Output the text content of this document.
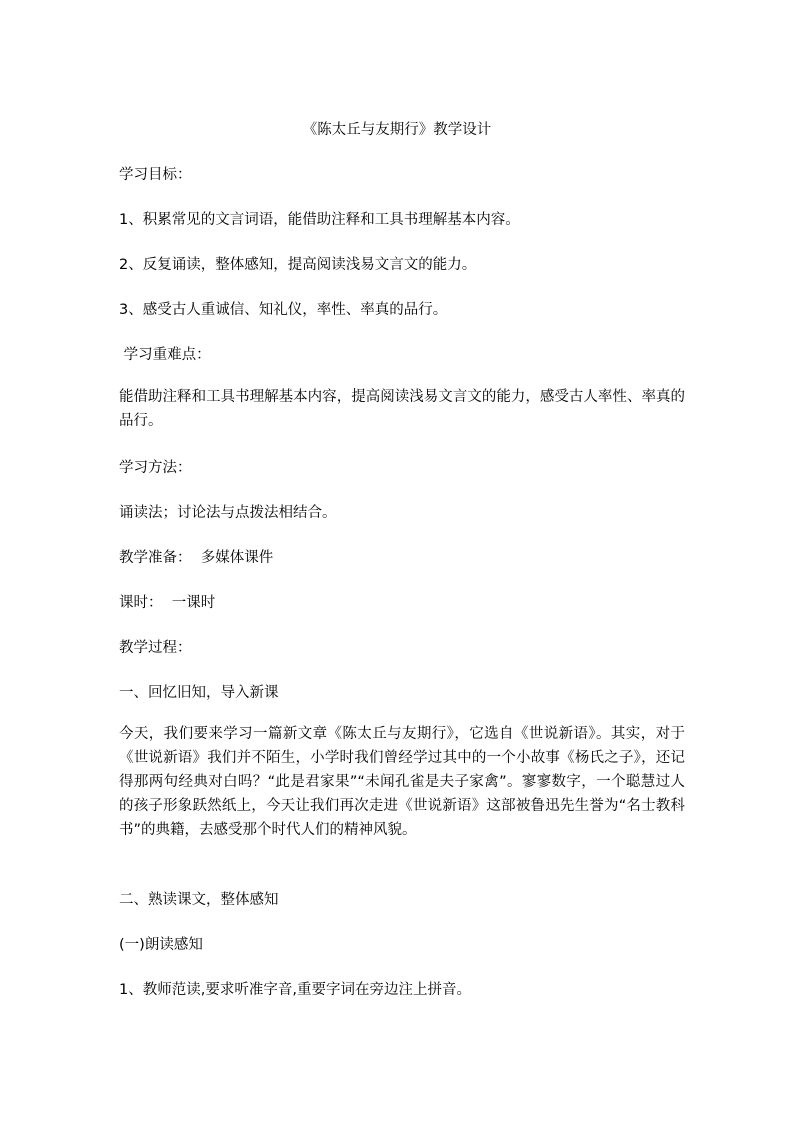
《陈太丘与友期行》教学设计
学习目标：
1、积累常见的文言词语，能借助注释和工具书理解基本内容。
2、反复诵读，整体感知，提高阅读浅易文言文的能力。
3、感受古人重诚信、知礼仪，率性、率真的品行。
学习重难点：
能借助注释和工具书理解基本内容，提高阅读浅易文言文的能力，感受古人率性、率真的品行。
学习方法：
诵读法；讨论法与点拨法相结合。
教学准备：  多媒体课件
课时：  一课时
教学过程：
一、回忆旧知，导入新课
今天，我们要来学习一篇新文章《陈太丘与友期行》，它选自《世说新语》。其实，对于《世说新语》我们并不陌生，小学时我们曾经学过其中的一个小故事《杨氏之子》，还记得那两句经典对白吗？“此是君家果”“未闻孔雀是夫子家禽”。寥寥数字，一个聪慧过人的孩子形象跃然纸上，今天让我们再次走进《世说新语》这部被鲁迅先生誉为“名士教科书”的典籍，去感受那个时代人们的精神风貌。
二、熟读课文，整体感知
(一)朗读感知
1、教师范读,要求听准字音,重要字词在旁边注上拼音。
